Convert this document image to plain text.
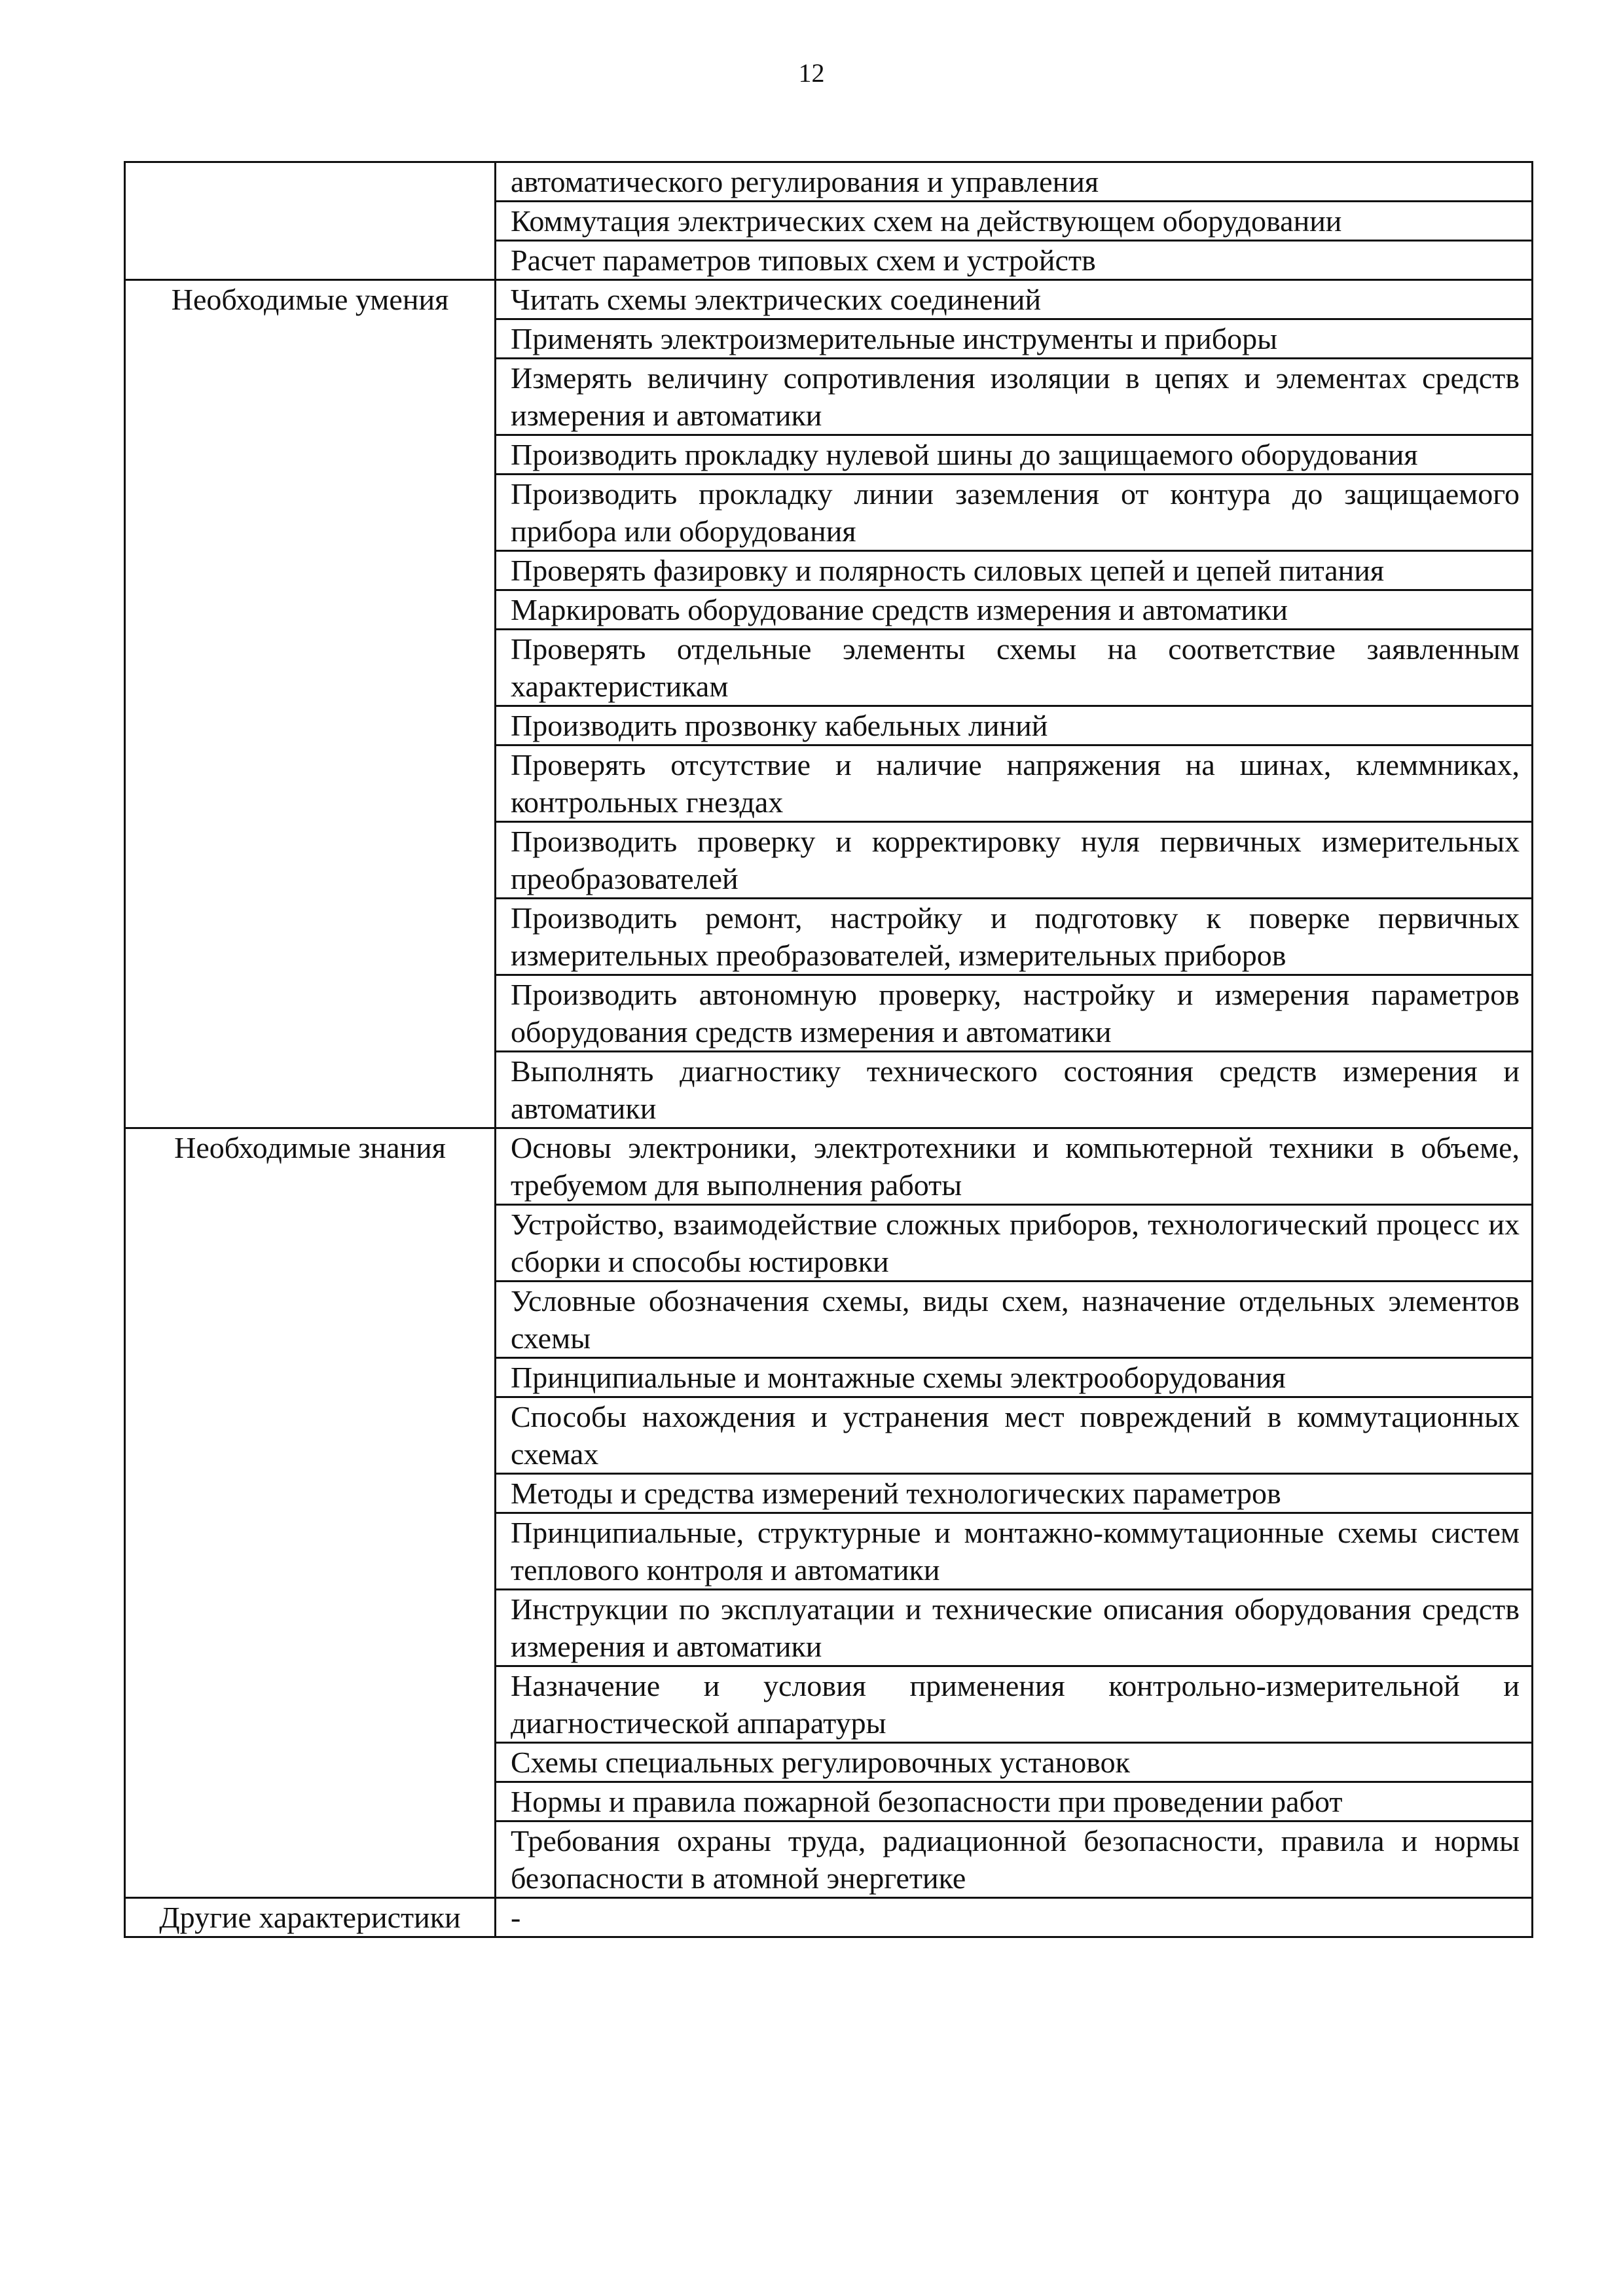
12
	автоматического регулирования и управления
	Коммутация электрических схем на действующем оборудовании
	Расчет параметров типовых схем и устройств
Необходимые умения	Читать схемы электрических соединений
	Применять электроизмерительные инструменты и приборы
	Измерять величину сопротивления изоляции в цепях и элементах средств измерения и автоматики
	Производить прокладку нулевой шины до защищаемого оборудования
	Производить прокладку линии заземления от контура до защищаемого прибора или оборудования
	Проверять фазировку и полярность силовых цепей и цепей питания
	Маркировать оборудование средств измерения и автоматики
	Проверять отдельные элементы схемы на соответствие заявленным характеристикам
	Производить прозвонку кабельных линий
	Проверять отсутствие и наличие напряжения на шинах, клеммниках, контрольных гнездах
	Производить проверку и корректировку нуля первичных измерительных преобразователей
	Производить ремонт, настройку и подготовку к поверке первичных измерительных преобразователей, измерительных приборов
	Производить автономную проверку, настройку и измерения параметров оборудования средств измерения и автоматики
	Выполнять диагностику технического состояния средств измерения и автоматики
Необходимые знания	Основы электроники, электротехники и компьютерной техники в объеме, требуемом для выполнения работы
	Устройство, взаимодействие сложных приборов, технологический процесс их сборки и способы юстировки
	Условные обозначения схемы, виды схем, назначение отдельных элементов схемы
	Принципиальные и монтажные схемы электрооборудования
	Способы нахождения и устранения мест повреждений в коммутационных схемах
	Методы и средства измерений технологических параметров
	Принципиальные, структурные и монтажно-коммутационные схемы систем теплового контроля и автоматики
	Инструкции по эксплуатации и технические описания оборудования средств измерения и автоматики
	Назначение и условия применения контрольно-измерительной и диагностической аппаратуры
	Схемы специальных регулировочных установок
	Нормы и правила пожарной безопасности при проведении работ
	Требования охраны труда, радиационной безопасности, правила и нормы безопасности в атомной энергетике
Другие характеристики	-
